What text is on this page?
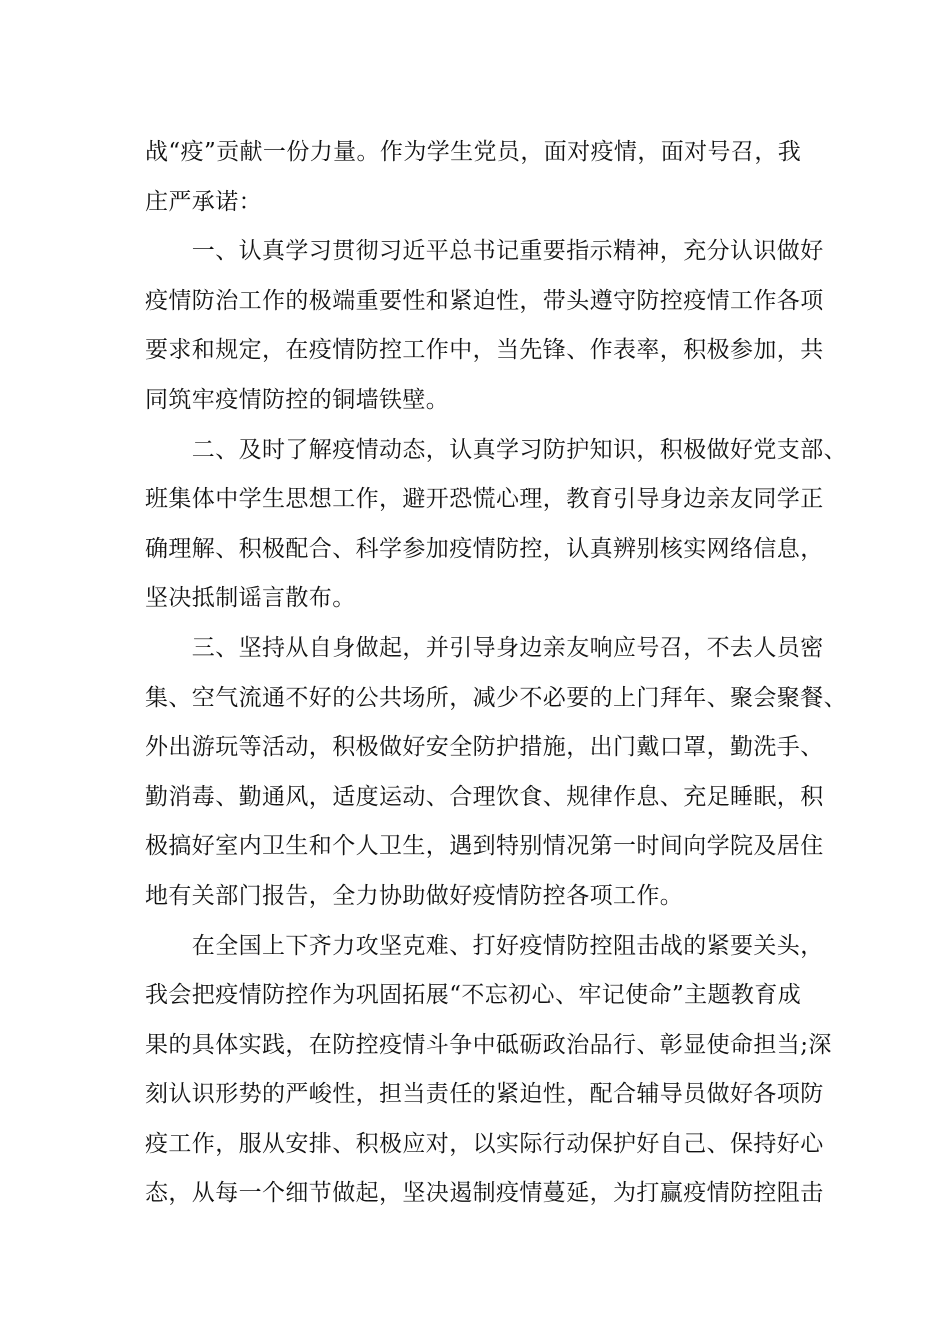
战“疫”贡献一份力量。作为学生党员，面对疫情，面对号召，我
庄严承诺：
　　一、认真学习贯彻习近平总书记重要指示精神，充分认识做好
疫情防治工作的极端重要性和紧迫性，带头遵守防控疫情工作各项
要求和规定，在疫情防控工作中，当先锋、作表率，积极参加，共
同筑牢疫情防控的铜墙铁壁。
　　二、及时了解疫情动态，认真学习防护知识，积极做好党支部、
班集体中学生思想工作，避开恐慌心理，教育引导身边亲友同学正
确理解、积极配合、科学参加疫情防控，认真辨别核实网络信息，
坚决抵制谣言散布。
　　三、坚持从自身做起，并引导身边亲友响应号召，不去人员密
集、空气流通不好的公共场所，减少不必要的上门拜年、聚会聚餐、
外出游玩等活动，积极做好安全防护措施，出门戴口罩，勤洗手、
勤消毒、勤通风，适度运动、合理饮食、规律作息、充足睡眠，积
极搞好室内卫生和个人卫生，遇到特别情况第一时间向学院及居住
地有关部门报告，全力协助做好疫情防控各项工作。
　　在全国上下齐力攻坚克难、打好疫情防控阻击战的紧要关头，
我会把疫情防控作为巩固拓展“不忘初心、牢记使命”主题教育成
果的具体实践，在防控疫情斗争中砥砺政治品行、彰显使命担当;深
刻认识形势的严峻性，担当责任的紧迫性，配合辅导员做好各项防
疫工作，服从安排、积极应对，以实际行动保护好自己、保持好心
态，从每一个细节做起，坚决遏制疫情蔓延，为打赢疫情防控阻击
